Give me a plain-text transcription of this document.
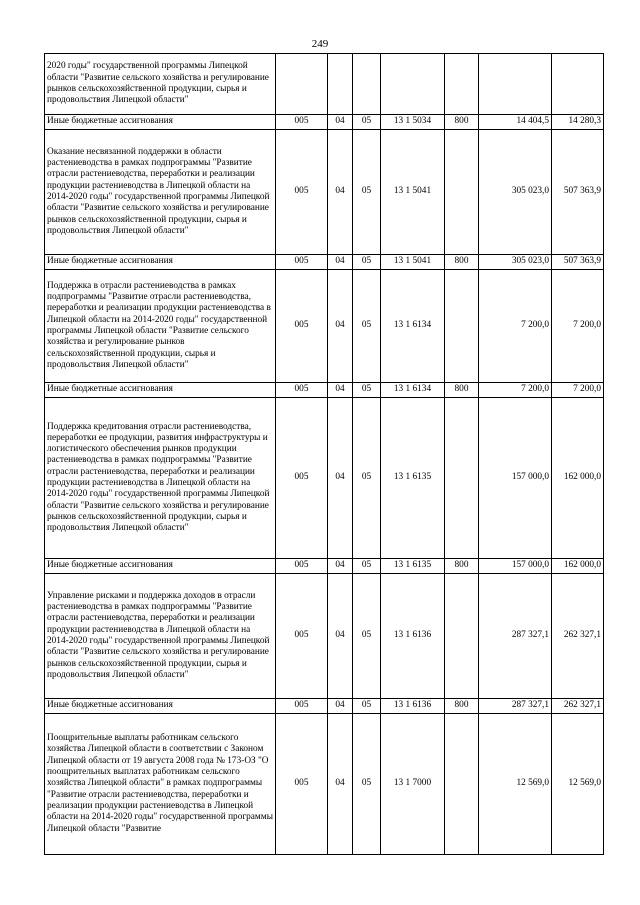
249
2020 годы" государственной программы Липецкой области "Развитие сельского хозяйства и регулирование рынков сельскохозяйственной продукции, сырья и продовольствия Липецкой области"							
Иные бюджетные ассигнования	005	04	05	13 1 5034	800	14 404,5	14 280,3
Оказание несвязанной поддержки в области растениеводства в рамках подпрограммы "Развитие отрасли растениеводства, переработки и реализации продукции растениеводства в Липецкой области на 2014-2020 годы" государственной программы Липецкой области "Развитие сельского хозяйства и регулирование рынков сельскохозяйственной продукции, сырья и продовольствия Липецкой области"	005	04	05	13 1 5041		305 023,0	507 363,9
Иные бюджетные ассигнования	005	04	05	13 1 5041	800	305 023,0	507 363,9
Поддержка в отрасли растениеводства в рамках подпрограммы "Развитие отрасли растениеводства, переработки и реализации продукции растениеводства в Липецкой области на 2014-2020 годы" государственной программы Липецкой области "Развитие сельского хозяйства и регулирование рынков сельскохозяйственной продукции, сырья и продовольствия Липецкой области"	005	04	05	13 1 6134		7 200,0	7 200,0
Иные бюджетные ассигнования	005	04	05	13 1 6134	800	7 200,0	7 200,0
Поддержка кредитования отрасли растениеводства, переработки ее продукции, развития инфраструктуры и логистического обеспечения рынков продукции растениеводства в рамках подпрограммы "Развитие отрасли растениеводства, переработки и реализации продукции растениеводства в Липецкой области на 2014-2020 годы" государственной программы Липецкой области "Развитие сельского хозяйства и регулирование рынков сельскохозяйственной продукции, сырья и продовольствия Липецкой области"	005	04	05	13 1 6135		157 000,0	162 000,0
Иные бюджетные ассигнования	005	04	05	13 1 6135	800	157 000,0	162 000,0
Управление рисками и поддержка доходов в отрасли растениеводства в рамках подпрограммы "Развитие отрасли растениеводства, переработки и реализации продукции растениеводства в Липецкой области на 2014-2020 годы" государственной программы Липецкой области "Развитие сельского хозяйства и регулирование рынков сельскохозяйственной продукции, сырья и продовольствия Липецкой области"	005	04	05	13 1 6136		287 327,1	262 327,1
Иные бюджетные ассигнования	005	04	05	13 1 6136	800	287 327,1	262 327,1
Поощрительные выплаты работникам сельского хозяйства Липецкой области в соответствии с Законом Липецкой области от 19 августа 2008 года № 173-ОЗ "О поощрительных выплатах работникам сельского хозяйства Липецкой области" в рамках подпрограммы "Развитие отрасли растениеводства, переработки и реализации продукции растениеводства в Липецкой области на 2014-2020 годы" государственной программы Липецкой области "Развитие	005	04	05	13 1 7000		12 569,0	12 569,0
